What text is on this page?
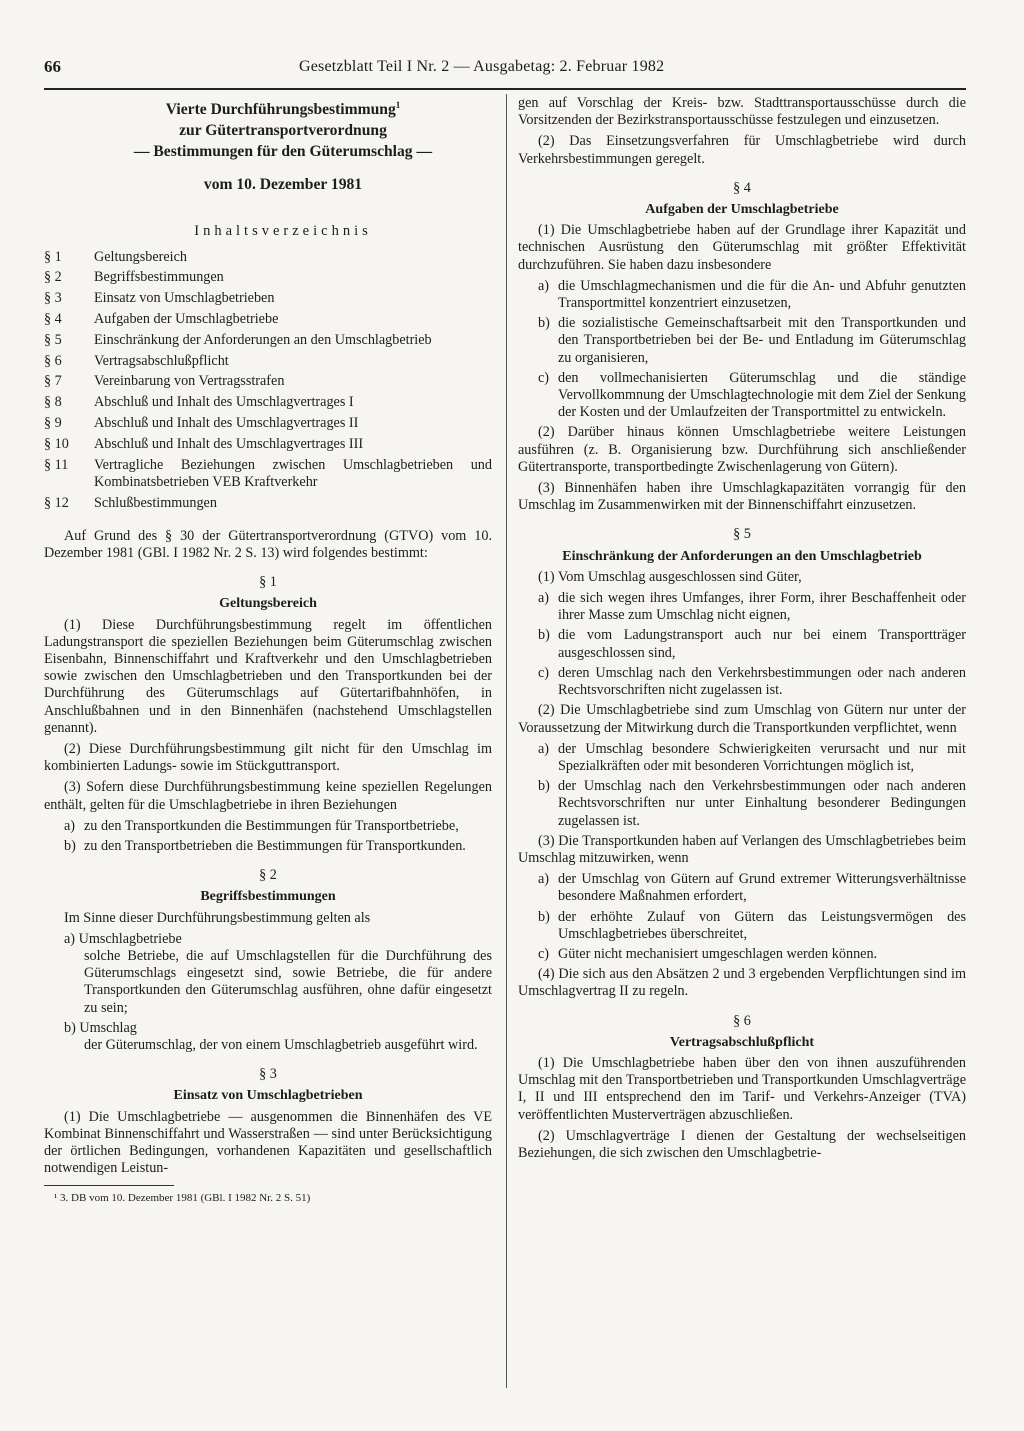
66	Gesetzblatt Teil I Nr. 2 — Ausgabetag: 2. Februar 1982
Vierte Durchführungsbestimmung$^1$
zur Gütertransportverordnung
— Bestimmungen für den Güterumschlag —
vom 10. Dezember 1981
Inhaltsverzeichnis
§ 1	Geltungsbereich
§ 2	Begriffsbestimmungen
§ 3	Einsatz von Umschlagbetrieben
§ 4	Aufgaben der Umschlagbetriebe
§ 5	Einschränkung der Anforderungen an den Umschlagbetrieb
§ 6	Vertragsabschlußpflicht
§ 7	Vereinbarung von Vertragsstrafen
§ 8	Abschluß und Inhalt des Umschlagvertrages I
§ 9	Abschluß und Inhalt des Umschlagvertrages II
§ 10	Abschluß und Inhalt des Umschlagvertrages III
§ 11	Vertragliche Beziehungen zwischen Umschlagbetrieben und Kombinatsbetrieben VEB Kraftverkehr
§ 12	Schlußbestimmungen

Auf Grund des § 30 der Gütertransportverordnung (GTVO) vom 10. Dezember 1981 (GBl. I 1982 Nr. 2 S. 13) wird folgendes bestimmt:

§ 1
Geltungsbereich

(1) Diese Durchführungsbestimmung regelt im öffentlichen Ladungstransport die speziellen Beziehungen beim Güterumschlag zwischen Eisenbahn, Binnenschiffahrt und Kraftverkehr und den Umschlagbetrieben sowie zwischen den Umschlagbetrieben und den Transportkunden bei der Durchführung des Güterumschlags auf Gütertarifbahnhöfen, in Anschlußbahnen und in den Binnenhäfen (nachstehend Umschlagstellen genannt).

(2) Diese Durchführungsbestimmung gilt nicht für den Umschlag im kombinierten Ladungs- sowie im Stückguttransport.

(3) Sofern diese Durchführungsbestimmung keine speziellen Regelungen enthält, gelten für die Umschlagbetriebe in ihren Beziehungen

a) zu den Transportkunden die Bestimmungen für Transportbetriebe,
b) zu den Transportbetrieben die Bestimmungen für Transportkunden.
§ 2
Begriffsbestimmungen

Im Sinne dieser Durchführungsbestimmung gelten als

a) Umschlagbetriebe
solche Betriebe, die auf Umschlagstellen für die Durchführung des Güterumschlags eingesetzt sind, sowie Betriebe, die für andere Transportkunden den Güterumschlag ausführen, ohne dafür eingesetzt zu sein;
b) Umschlag
der Güterumschlag, der von einem Umschlagbetrieb ausgeführt wird.
§ 3
Einsatz von Umschlagbetrieben

(1) Die Umschlagbetriebe — ausgenommen die Binnenhäfen des VE Kombinat Binnenschiffahrt und Wasserstraßen — sind unter Berücksichtigung der örtlichen Bedingungen, vorhandenen Kapazitäten und gesellschaftlich notwendigen Leistun-

¹ 3. DB vom 10. Dezember 1981 (GBl. I 1982 Nr. 2 S. 51)

gen auf Vorschlag der Kreis- bzw. Stadttransportausschüsse durch die Vorsitzenden der Bezirkstransportausschüsse festzulegen und einzusetzen.

(2) Das Einsetzungsverfahren für Umschlagbetriebe wird durch Verkehrsbestimmungen geregelt.

§ 4
Aufgaben der Umschlagbetriebe

(1) Die Umschlagbetriebe haben auf der Grundlage ihrer Kapazität und technischen Ausrüstung den Güterumschlag mit größter Effektivität durchzuführen. Sie haben dazu insbesondere

a) die Umschlagmechanismen und die für die An- und Abfuhr genutzten Transportmittel konzentriert einzusetzen,
b) die sozialistische Gemeinschaftsarbeit mit den Transportkunden und den Transportbetrieben bei der Be- und Entladung im Güterumschlag zu organisieren,
c) den vollmechanisierten Güterumschlag und die ständige Vervollkommnung der Umschlagtechnologie mit dem Ziel der Senkung der Kosten und der Umlaufzeiten der Transportmittel zu entwickeln.

(2) Darüber hinaus können Umschlagbetriebe weitere Leistungen ausführen (z. B. Organisierung bzw. Durchführung sich anschließender Gütertransporte, transportbedingte Zwischenlagerung von Gütern).

(3) Binnenhäfen haben ihre Umschlagkapazitäten vorrangig für den Umschlag im Zusammenwirken mit der Binnenschiffahrt einzusetzen.

§ 5
Einschränkung der Anforderungen an den Umschlagbetrieb

(1) Vom Umschlag ausgeschlossen sind Güter,

a) die sich wegen ihres Umfanges, ihrer Form, ihrer Beschaffenheit oder ihrer Masse zum Umschlag nicht eignen,
b) die vom Ladungstransport auch nur bei einem Transportträger ausgeschlossen sind,
c) deren Umschlag nach den Verkehrsbestimmungen oder nach anderen Rechtsvorschriften nicht zugelassen ist.

(2) Die Umschlagbetriebe sind zum Umschlag von Gütern nur unter der Voraussetzung der Mitwirkung durch die Transportkunden verpflichtet, wenn

a) der Umschlag besondere Schwierigkeiten verursacht und nur mit Spezialkräften oder mit besonderen Vorrichtungen möglich ist,
b) der Umschlag nach den Verkehrsbestimmungen oder nach anderen Rechtsvorschriften nur unter Einhaltung besonderer Bedingungen zugelassen ist.

(3) Die Transportkunden haben auf Verlangen des Umschlagbetriebes beim Umschlag mitzuwirken, wenn

a) der Umschlag von Gütern auf Grund extremer Witterungsverhältnisse besondere Maßnahmen erfordert,
b) der erhöhte Zulauf von Gütern das Leistungsvermögen des Umschlagbetriebes überschreitet,
c) Güter nicht mechanisiert umgeschlagen werden können.

(4) Die sich aus den Absätzen 2 und 3 ergebenden Verpflichtungen sind im Umschlagvertrag II zu regeln.

§ 6
Vertragsabschlußpflicht

(1) Die Umschlagbetriebe haben über den von ihnen auszuführenden Umschlag mit den Transportbetrieben und Transportkunden Umschlagverträge I, II und III entsprechend den im Tarif- und Verkehrs-Anzeiger (TVA) veröffentlichten Musterverträgen abzuschließen.

(2) Umschlagverträge I dienen der Gestaltung der wechselseitigen Beziehungen, die sich zwischen den Umschlagbetrie-
